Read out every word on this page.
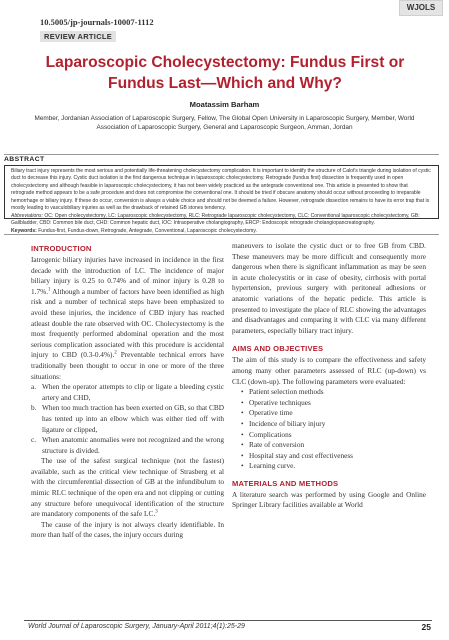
WJOLS
10.5005/jp-journals-10007-1112
REVIEW ARTICLE
Laparoscopic Cholecystectomy: Fundus First or
Fundus Last—Which and Why?
Moatassim Barham
Member, Jordanian Association of Laparoscopic Surgery, Fellow, The Global Open University in Laparoscopic Surgery, Member, World Association of Laparoscopic Surgery, General and Laparoscopic Surgeon, Amman, Jordan
ABSTRACT

Biliary tract injury represents the most serious and potentially life-threatening cholecystectomy complication. It is important to identify the structure of Calot's triangle during isolation of cystic duct to decrease this injury. Cystic duct isolation is the first dangerous technique in laparoscopic cholecystectomy. Retrograde (fundus first) dissection is frequently used in open cholecystectomy and although feasible in laparoscopic cholecystectomy, it has not been widely practiced as the antegrade conventional one. This article is presented to show that retrograde method appears to be a safe procedure and does not compromise the conventional one. It should be tried if obscure anatomy should occur without proceeding to irreparable hemorrhage or biliary injury. If these do occur, conversion is always a viable choice and should not be deemed a failure. However, retrograde dissection remains to have its error trap that is mostly leading to vasculobiliary injuries as well as the drawback of retained GB stones tendency.

Abbreviations: OC: Open cholecystectomy, LC: Laparoscopic cholecystectomy, RLC: Retrograde laparoscopic cholecystectomy, CLC: Conventional laparoscopic cholecystectomy, GB: Gallbladder, CBD: Common bile duct, CHD: Common hepatic duct, IOC: Intraoperative cholangiography, ERCP: Endoscopic retrograde cholangiopancreatography.

Keywords: Fundus-first, Fundus-down, Retrograde, Antegrade, Conventional, Laparoscopic cholecystectomy.

INTRODUCTION

Iatrogenic biliary injuries have increased in incidence in the first decade with the introduction of LC. The incidence of major biliary injury is 0.25 to 0.74% and of minor injury is 0.28 to 1.7%.$^1$ Although a number of factors have been identified as high risk and a number of technical steps have been emphasized to avoid these injuries, the incidence of CBD injury has reached atleast double the rate observed with OC. Cholecystectomy is the most frequently performed abdominal operation and the most serious complication associated with this procedure is accidental injury to CBD (0.3-0.4%).$^2$ Preventable technical errors have traditionally been thought to occur in one or more of the three situations:

a. When the operator attempts to clip or ligate a bleeding cystic artery and CHD,
b. When too much traction has been exerted on GB, so that CBD has tented up into an elbow which was either tied off with ligature or clipped,
c. When anatomic anomalies were not recognized and the wrong structure is divided.

The use of the safest surgical technique (not the fastest) available, such as the critical view technique of Strasberg et al with the circumferential dissection of GB at the infundibulum to mimic RLC technique of the open era and not clipping or cutting any structure before unequivocal identification of the structure are mandatory components of the safe LC.$^3$

The cause of the injury is not always clearly identifiable. In more than half of the cases, the injury occurs during

maneuvers to isolate the cystic duct or to free GB from CBD. These maneuvers may be more difficult and consequently more dangerous when there is significant inflammation as may be seen in acute cholecystitis or in case of obesity, cirrhosis with portal hypertension, previous surgery with peritoneal adhesions or anatomic variations of the hepatic pedicle. This article is presented to investigate the place of RLC showing the advantages and disadvantages and comparing it with CLC via many different parameters, especially biliary tract injury.

AIMS AND OBJECTIVES

The aim of this study is to compare the effectiveness and safety among many other parameters assessed of RLC (up-down) vs CLC (down-up). The following parameters were evaluated:

• Patient selection methods
• Operative techniques
• Operative time
• Incidence of biliary injury
• Complications
• Rate of conversion
• Hospital stay and cost effectiveness
• Learning curve.
MATERIALS AND METHODS

A literature search was performed by using Google and Online Springer Library facilities available at World

World Journal of Laparoscopic Surgery, January-April 2011;4(1):25-29	25
